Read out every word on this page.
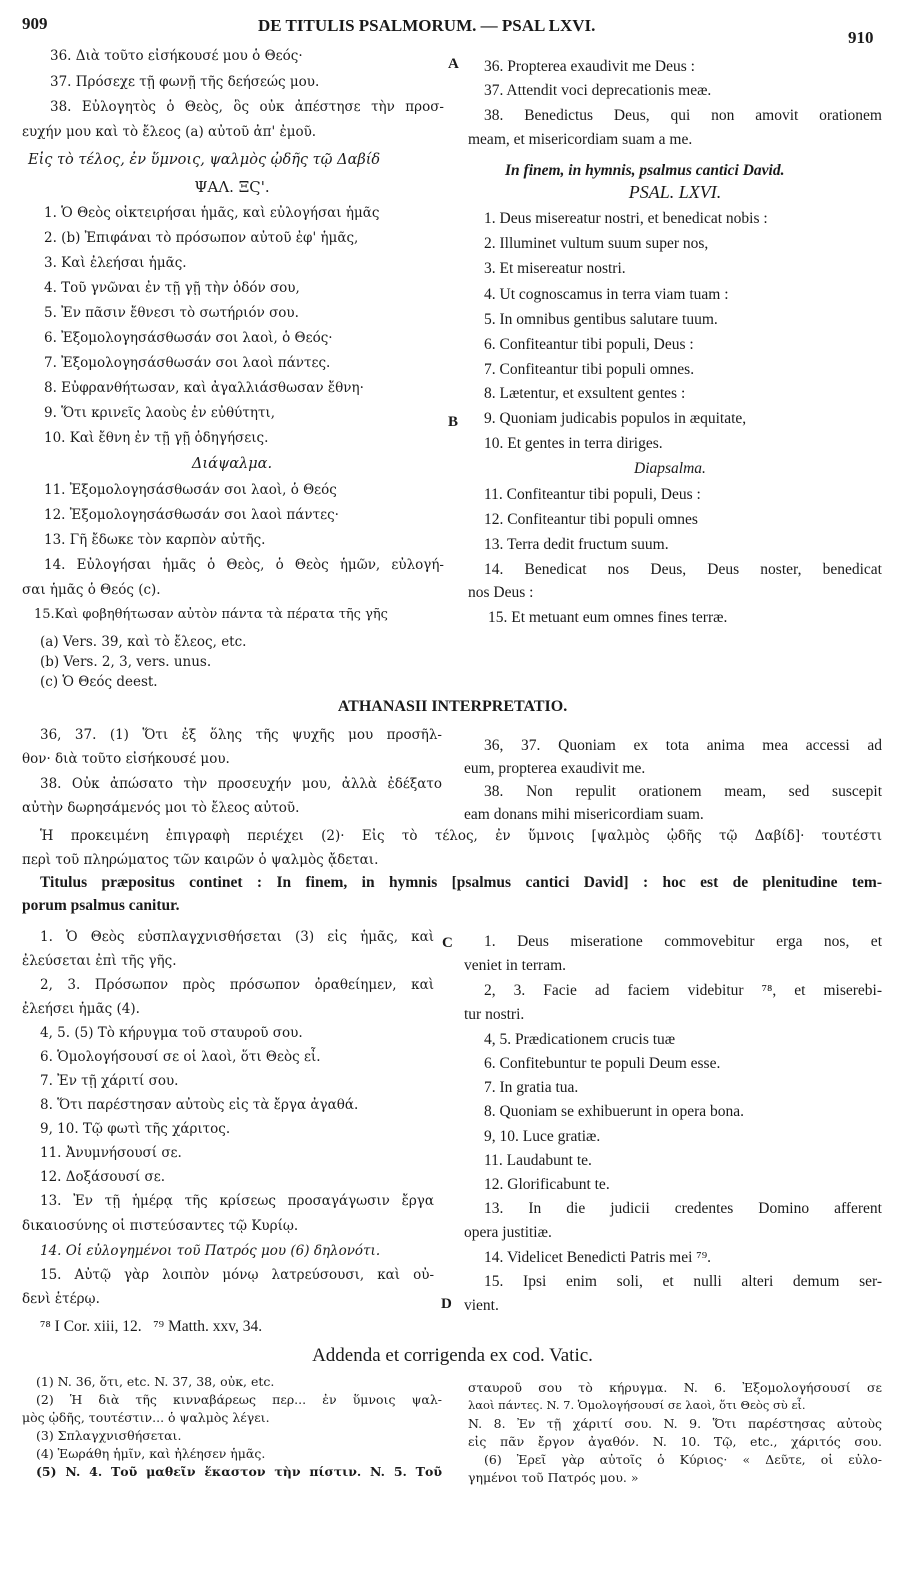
909	DE TITULIS PSALMORUM. — PSAL LXVI.
910
A
B
C
D
36. Διὰ τοῦτο εἰσήκουσέ μου ὁ Θεός·
37. Πρόσεχε τῇ φωνῇ τῆς δεήσεώς μου.
38. Εὐλογητὸς ὁ Θεὸς, ὃς οὐκ ἀπέστησε τὴν προσ-
ευχήν μου καὶ τὸ ἔλεος (a) αὐτοῦ ἀπ' ἐμοῦ.
36. Propterea exaudivit me Deus :
37. Attendit voci deprecationis meæ.
38. Benedictus Deus, qui non amovit orationem
meam, et misericordiam suam a me.
Εἰς τὸ τέλος, ἐν ὕμνοις, ψαλμὸς ᾠδῆς τῷ Δαβίδ
ΨΑΛ. ΞϚ'.
In finem, in hymnis, psalmus cantici David.
PSAL. LXVI.
1. Ὁ Θεὸς οἰκτειρήσαι ἡμᾶς, καὶ εὐλογήσαι ἡμᾶς
2. (b) Ἐπιφάναι τὸ πρόσωπον αὐτοῦ ἐφ' ἡμᾶς,
3. Καὶ ἐλεήσαι ἡμᾶς.
4. Τοῦ γνῶναι ἐν τῇ γῇ τὴν ὁδόν σου,
5. Ἐν πᾶσιν ἔθνεσι τὸ σωτήριόν σου.
6. Ἐξομολογησάσθωσάν σοι λαοὶ, ὁ Θεός·
7. Ἐξομολογησάσθωσάν σοι λαοὶ πάντες.
8. Εὐφρανθήτωσαν, καὶ ἀγαλλιάσθωσαν ἔθνη·
9. Ὅτι κρινεῖς λαοὺς ἐν εὐθύτητι,
10. Καὶ ἔθνη ἐν τῇ γῇ ὁδηγήσεις.
1. Deus misereatur nostri, et benedicat nobis :
2. Illuminet vultum suum super nos,
3. Et misereatur nostri.
4. Ut cognoscamus in terra viam tuam :
5. In omnibus gentibus salutare tuum.
6. Confiteantur tibi populi, Deus :
7. Confiteantur tibi populi omnes.
8. Lætentur, et exsultent gentes :
9. Quoniam judicabis populos in æquitate,
10. Et gentes in terra diriges.
Διάψαλμα.	Diapsalma.
11. Ἐξομολογησάσθωσάν σοι λαοὶ, ὁ Θεός
12. Ἐξομολογησάσθωσάν σοι λαοὶ πάντες·
13. Γῆ ἔδωκε τὸν καρπὸν αὐτῆς.
14. Εὐλογήσαι ἡμᾶς ὁ Θεὸς, ὁ Θεὸς ἡμῶν, εὐλογή-
σαι ἡμᾶς ὁ Θεός (c).
15.Καὶ φοβηθήτωσαν αὐτὸν πάντα τὰ πέρατα τῆς γῆς
11. Confiteantur tibi populi, Deus :
12. Confiteantur tibi populi omnes
13. Terra dedit fructum suum.
14. Benedicat nos Deus, Deus noster, benedicat
nos Deus :
15. Et metuant eum omnes fines terræ.
(a) Vers. 39, καὶ τὸ ἔλεος, etc.
(b) Vers. 2, 3, vers. unus.
(c) Ὁ Θεός deest.
ATHANASII INTERPRETATIO.
36, 37. (1) Ὅτι ἐξ ὅλης τῆς ψυχῆς μου προσῆλ-
θον· διὰ τοῦτο εἰσήκουσέ μου.
38. Οὐκ ἀπώσατο τὴν προσευχήν μου, ἀλλὰ ἐδέξατο
αὐτὴν δωρησάμενός μοι τὸ ἔλεος αὐτοῦ.
36, 37. Quoniam ex tota anima mea accessi ad
eum, propterea exaudivit me.
38. Non repulit orationem meam, sed suscepit
eam donans mihi misericordiam suam.
Ἡ προκειμένη ἐπιγραφὴ περιέχει (2)· Εἰς τὸ τέλος, ἐν ὕμνοις [ψαλμὸς ᾠδῆς τῷ Δαβίδ]· τουτέστι
περὶ τοῦ πληρώματος τῶν καιρῶν ὁ ψαλμὸς ᾄδεται.
Titulus præpositus continet : In finem, in hymnis [psalmus cantici David] : hoc est de plenitudine tem-
porum psalmus canitur.
1. Ὁ Θεὸς εὐσπλαγχνισθήσεται (3) εἰς ἡμᾶς, καὶ
ἐλεύσεται ἐπὶ τῆς γῆς.
2, 3. Πρόσωπον πρὸς πρόσωπον ὀραθείημεν, καὶ
ἐλεήσει ἡμᾶς (4).
4, 5. (5) Τὸ κήρυγμα τοῦ σταυροῦ σου.
6. Ὁμολογήσουσί σε οἱ λαοὶ, ὅτι Θεὸς εἶ.
7. Ἐν τῇ χάριτί σου.
8. Ὅτι παρέστησαν αὐτοὺς εἰς τὰ ἔργα ἀγαθά.
9, 10. Τῷ φωτὶ τῆς χάριτος.
11. Ἀνυμνήσουσί σε.
12. Δοξάσουσί σε.
13. Ἐν τῇ ἡμέρᾳ τῆς κρίσεως προσαγάγωσιν ἔργα
δικαιοσύνης οἱ πιστεύσαντες τῷ Κυρίῳ.
14. Οἱ εὐλογημένοι τοῦ Πατρός μου (6) δηλονότι.
15. Αὐτῷ γὰρ λοιπὸν μόνῳ λατρεύσουσι, καὶ οὐ-
δενὶ ἑτέρῳ.
1. Deus miseratione commovebitur erga nos, et
veniet in terram.
2, 3. Facie ad faciem videbitur ⁷⁸, et miserebi-
tur nostri.
4, 5. Prædicationem crucis tuæ
6. Confitebuntur te populi Deum esse.
7. In gratia tua.
8. Quoniam se exhibuerunt in opera bona.
9, 10. Luce gratiæ.
11. Laudabunt te.
12. Glorificabunt te.
13. In die judicii credentes Domino afferent
opera justitiæ.
14. Videlicet Benedicti Patris mei ⁷⁹.
15. Ipsi enim soli, et nulli alteri demum ser-
vient.
⁷⁸ I Cor. xiii, 12.   ⁷⁹ Matth. xxv, 34.
Addenda et corrigenda ex cod. Vatic.
(1) N. 36, ὅτι, etc. N. 37, 38, οὐκ, etc.
(2) Ἡ διὰ τῆς κινναβάρεως περ... ἐν ὕμνοις ψαλ-
μὸς ᾠδῆς, τουτέστιν... ὁ ψαλμὸς λέγει.
(3) Σπλαγχνισθήσεται.
(4) Ἑωράθη ἡμῖν, καὶ ἠλέησεν ἡμᾶς.
(5) N. 4. Τοῦ μαθεῖν ἕκαστον τὴν πίστιν. N. 5. Τοῦ
σταυροῦ σου τὸ κήρυγμα. N. 6. Ἐξομολογήσουσί σε
λαοὶ πάντες. N. 7. Ὁμολογήσουσί σε λαοὶ, ὅτι Θεὸς σὺ εἶ.
N. 8. Ἐν τῇ χάριτί σου. N. 9. Ὅτι παρέστησας αὐτοὺς
εἰς πᾶν ἔργον ἀγαθόν. N. 10. Τῷ, etc., χάριτός σου.
(6) Ἐρεῖ γὰρ αὐτοῖς ὁ Κύριος· « Δεῦτε, οἱ εὐλο-
γημένοι τοῦ Πατρός μου. »
